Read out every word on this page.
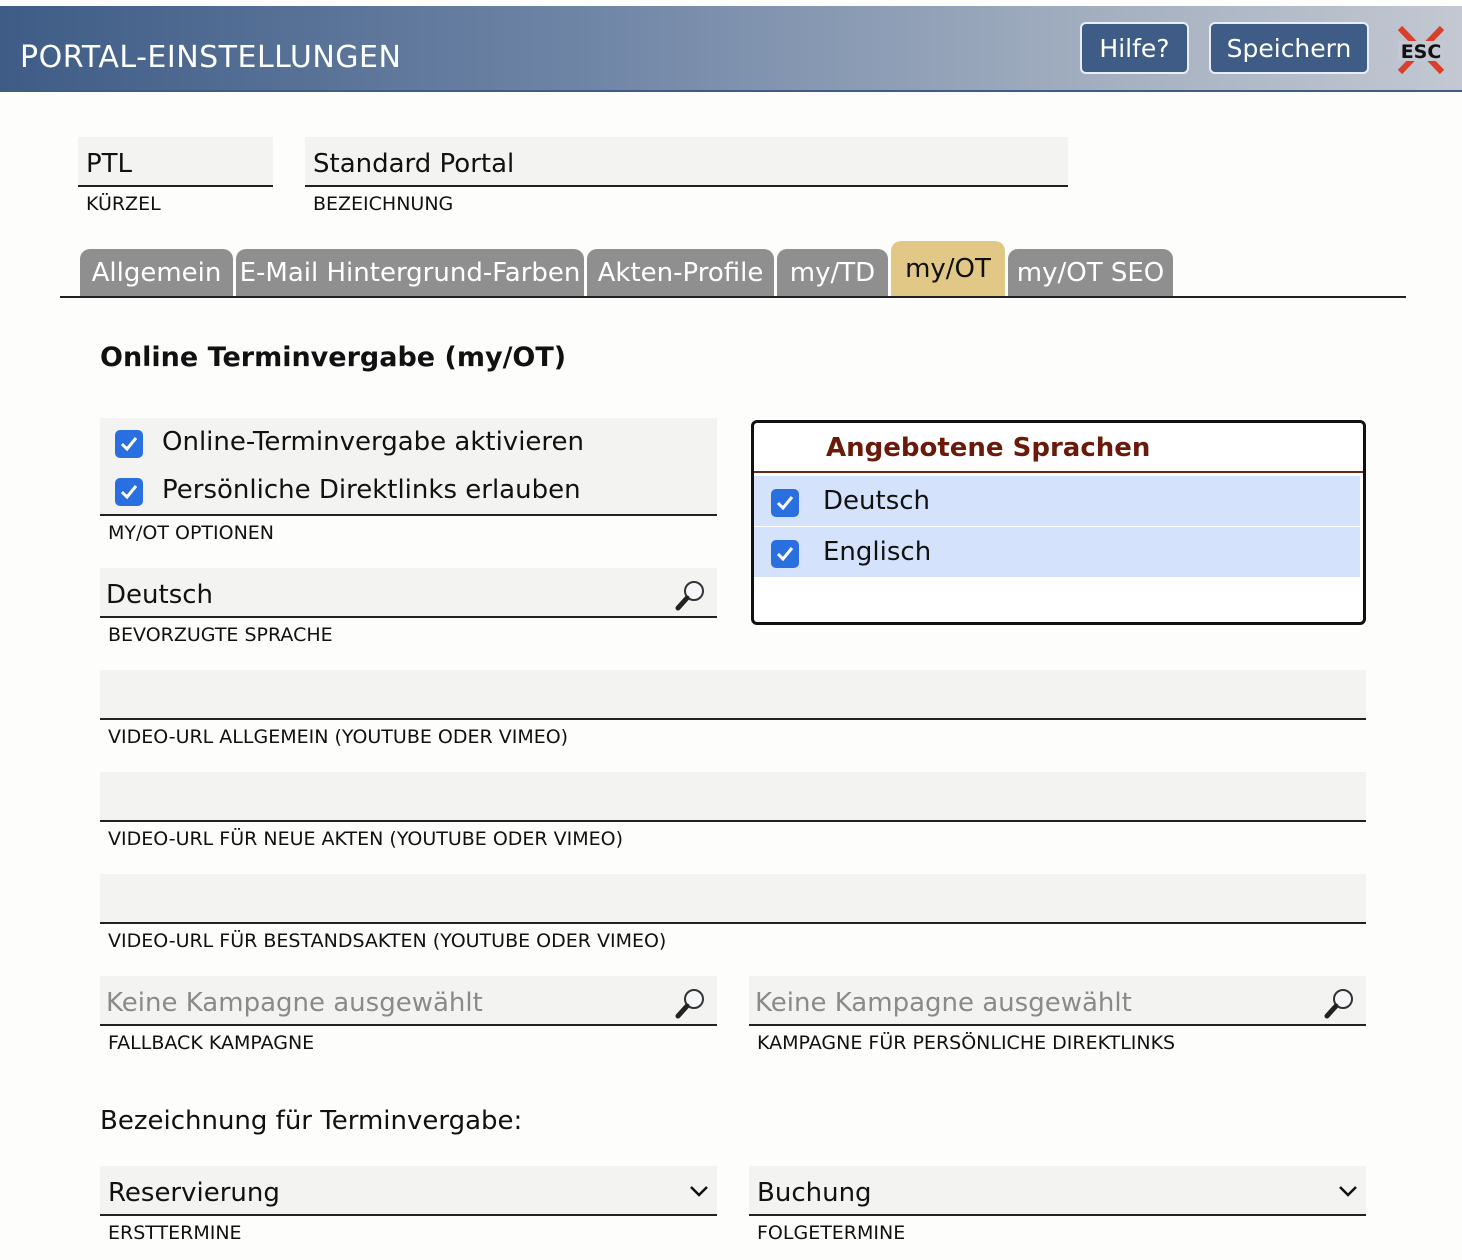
PORTAL-EINSTELLUNGEN	Hilfe?	Speichern	ESC
PTL
KÜRZEL
Standard Portal
BEZEICHNUNG
Allgemein E-Mail Hintergrund-Farben Akten-Profile	my/TD	my/OT my/OT SEO
Online Terminvergabe (my/OT)
Online-Terminvergabe aktivieren
Persönliche Direktlinks erlauben
MY/OT OPTIONEN
Deutsch
BEVORZUGTE SPRACHE
Angebotene Sprachen
Deutsch
Englisch
VIDEO-URL ALLGEMEIN (YOUTUBE ODER VIMEO)
VIDEO-URL FÜR NEUE AKTEN (YOUTUBE ODER VIMEO)
VIDEO-URL FÜR BESTANDSAKTEN (YOUTUBE ODER VIMEO)
Keine Kampagne ausgewählt
FALLBACK KAMPAGNE
Keine Kampagne ausgewählt
KAMPAGNE FÜR PERSÖNLICHE DIREKTLINKS
Bezeichnung für Terminvergabe:
Reservierung
ERSTTERMINE
Buchung
FOLGETERMINE
